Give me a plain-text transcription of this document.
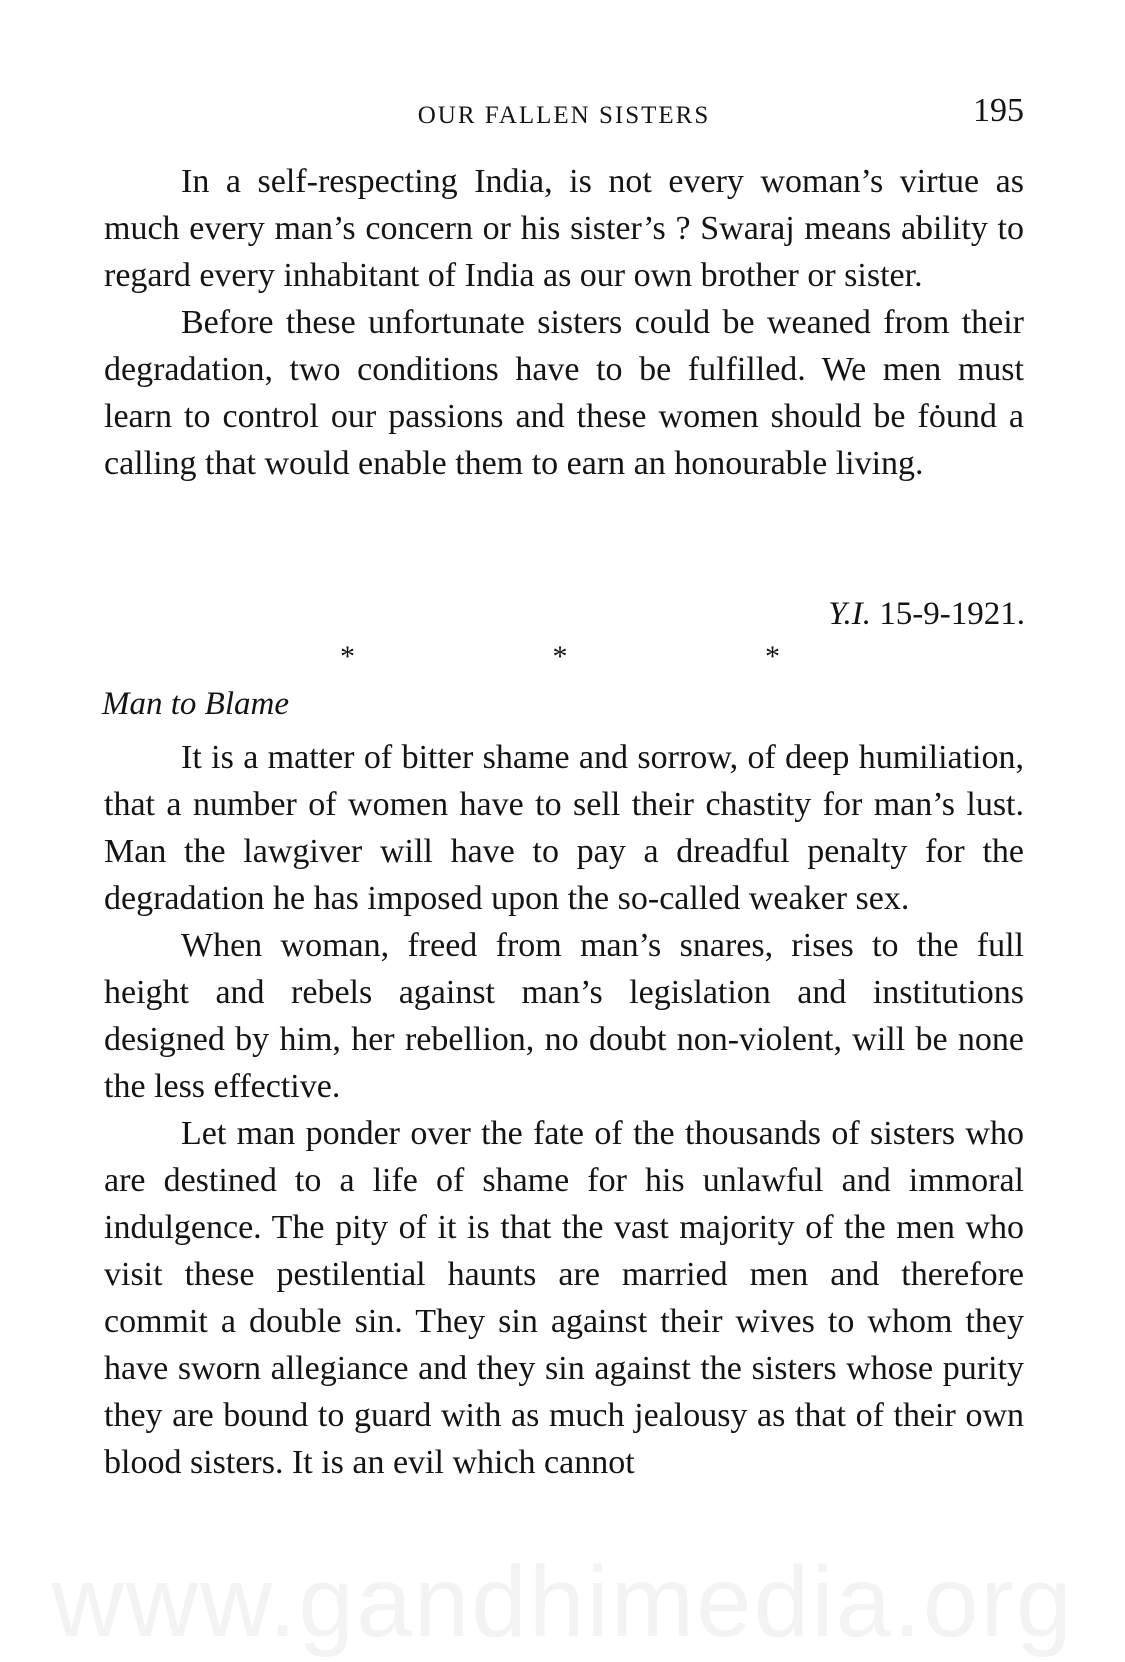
OUR FALLEN SISTERS	195

In a self-respecting India, is not every woman’s virtue as much every man’s concern or his sister’s ? Swaraj means ability to regard every inhabitant of India as our own brother or sister.

Before these unfortunate sisters could be weaned from their degradation, two conditions have to be fulfilled. We men must learn to control our passions and these women should be fȯund a calling that would enable them to earn an honourable living.

Y.I. 15-9-1921.
*	*	*
Man to Blame

It is a matter of bitter shame and sorrow, of deep humiliation, that a number of women have to sell their chastity for man’s lust. Man the lawgiver will have to pay a dreadful penalty for the degradation he has imposed upon the so-called weaker sex.

When woman, freed from man’s snares, rises to the full height and rebels against man’s legislation and institutions designed by him, her rebellion, no doubt non-violent, will be none the less effective.

Let man ponder over the fate of the thousands of sisters who are destined to a life of shame for his unlawful and immoral indulgence. The pity of it is that the vast majority of the men who visit these pestilential haunts are married men and therefore commit a double sin. They sin against their wives to whom they have sworn allegiance and they sin against the sisters whose purity they are bound to guard with as much jealousy as that of their own blood sisters. It is an evil which cannot

www.gandhimedia.org
